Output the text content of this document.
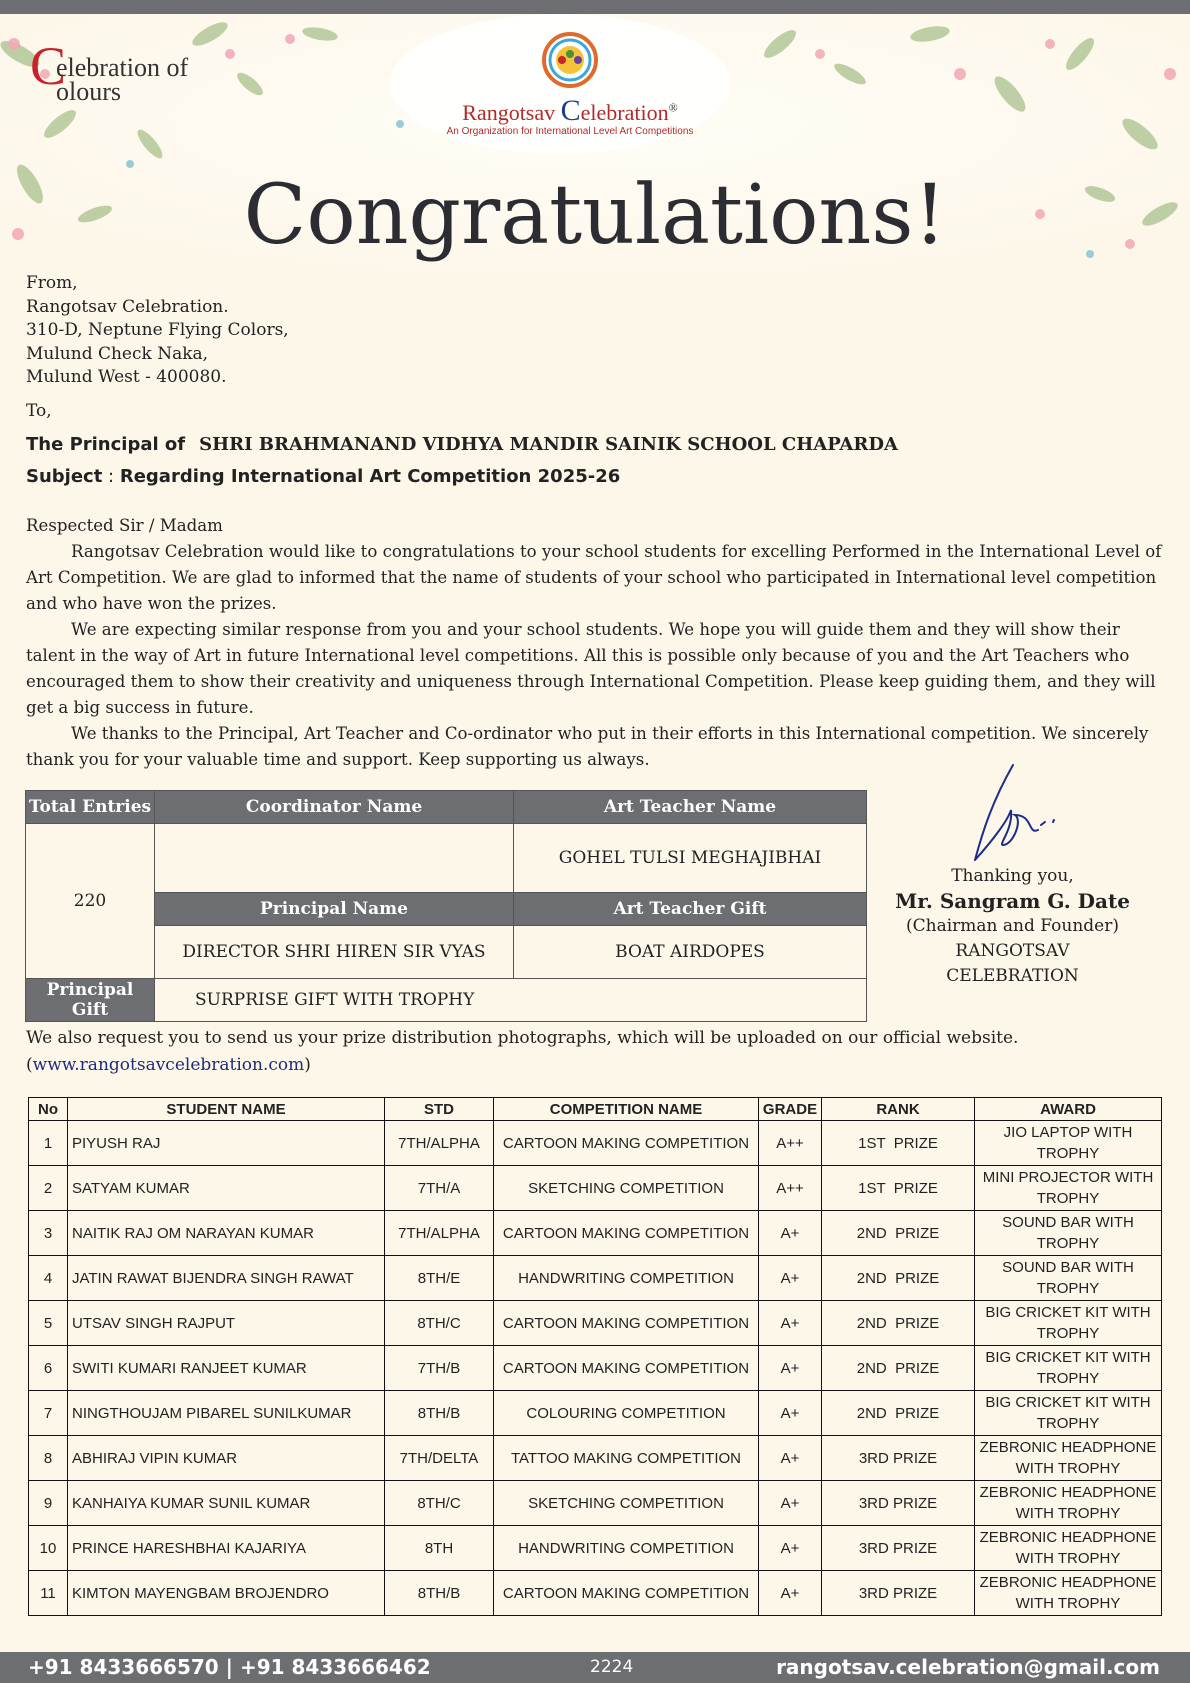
C
elebration of
olours
Rangotsav Celebration®
An Organization for International Level Art Competitions
Congratulations!
From,
Rangotsav Celebration.
310-D, Neptune Flying Colors,
Mulund Check Naka,
Mulund West - 400080.
To,
The Principal of SHRI BRAHMANAND VIDHYA MANDIR SAINIK SCHOOL CHAPARDA
Subject : Regarding International Art Competition 2025-26

Respected Sir / Madam

Rangotsav Celebration would like to congratulations to your school students for excelling Performed in the International Level of Art Competition. We are glad to informed that the name of students of your school who participated in International level competition and who have won the prizes.

We are expecting similar response from you and your school students. We hope you will guide them and they will show their talent in the way of Art in future International level competitions. All this is possible only because of you and the Art Teachers who encouraged them to show their creativity and uniqueness through International Competition. Please keep guiding them, and they will get a big success in future.

We thanks to the Principal, Art Teacher and Co-ordinator who put in their efforts in this International competition. We sincerely thank you for your valuable time and support. Keep supporting us always.

Total Entries	Coordinator Name	Art Teacher Name
220		GOHEL TULSI MEGHAJIBHAI
	Principal Name	Art Teacher Gift
	DIRECTOR SHRI HIREN SIR VYAS	BOAT AIRDOPES
Principal Gift	SURPRISE GIFT WITH TROPHY	
Thanking you,
Mr. Sangram G. Date
(Chairman and Founder)
RANGOTSAV CELEBRATION
We also request you to send us your prize distribution photographs, which will be uploaded on our official website.
(www.rangotsavcelebration.com)
No	STUDENT NAME	STD	COMPETITION NAME	GRADE	RANK	AWARD
1	PIYUSH RAJ	7TH/ALPHA	CARTOON MAKING COMPETITION	A++	1ST  PRIZE	JIO LAPTOP WITH TROPHY
2	SATYAM KUMAR	7TH/A	SKETCHING COMPETITION	A++	1ST  PRIZE	MINI PROJECTOR WITH TROPHY
3	NAITIK RAJ OM NARAYAN KUMAR	7TH/ALPHA	CARTOON MAKING COMPETITION	A+	2ND  PRIZE	SOUND BAR WITH TROPHY
4	JATIN RAWAT BIJENDRA SINGH RAWAT	8TH/E	HANDWRITING COMPETITION	A+	2ND  PRIZE	SOUND BAR WITH TROPHY
5	UTSAV SINGH RAJPUT	8TH/C	CARTOON MAKING COMPETITION	A+	2ND  PRIZE	BIG CRICKET KIT WITH TROPHY
6	SWITI KUMARI RANJEET KUMAR	7TH/B	CARTOON MAKING COMPETITION	A+	2ND  PRIZE	BIG CRICKET KIT WITH TROPHY
7	NINGTHOUJAM PIBAREL SUNILKUMAR	8TH/B	COLOURING COMPETITION	A+	2ND  PRIZE	BIG CRICKET KIT WITH TROPHY
8	ABHIRAJ VIPIN KUMAR	7TH/DELTA	TATTOO MAKING COMPETITION	A+	3RD PRIZE	ZEBRONIC HEADPHONE WITH TROPHY
9	KANHAIYA KUMAR SUNIL KUMAR	8TH/C	SKETCHING COMPETITION	A+	3RD PRIZE	ZEBRONIC HEADPHONE WITH TROPHY
10	PRINCE HARESHBHAI KAJARIYA	8TH	HANDWRITING COMPETITION	A+	3RD PRIZE	ZEBRONIC HEADPHONE WITH TROPHY
11	KIMTON MAYENGBAM BROJENDRO	8TH/B	CARTOON MAKING COMPETITION	A+	3RD PRIZE	ZEBRONIC HEADPHONE WITH TROPHY
+91 8433666570 | +91 8433666462	2224	rangotsav.celebration@gmail.com
